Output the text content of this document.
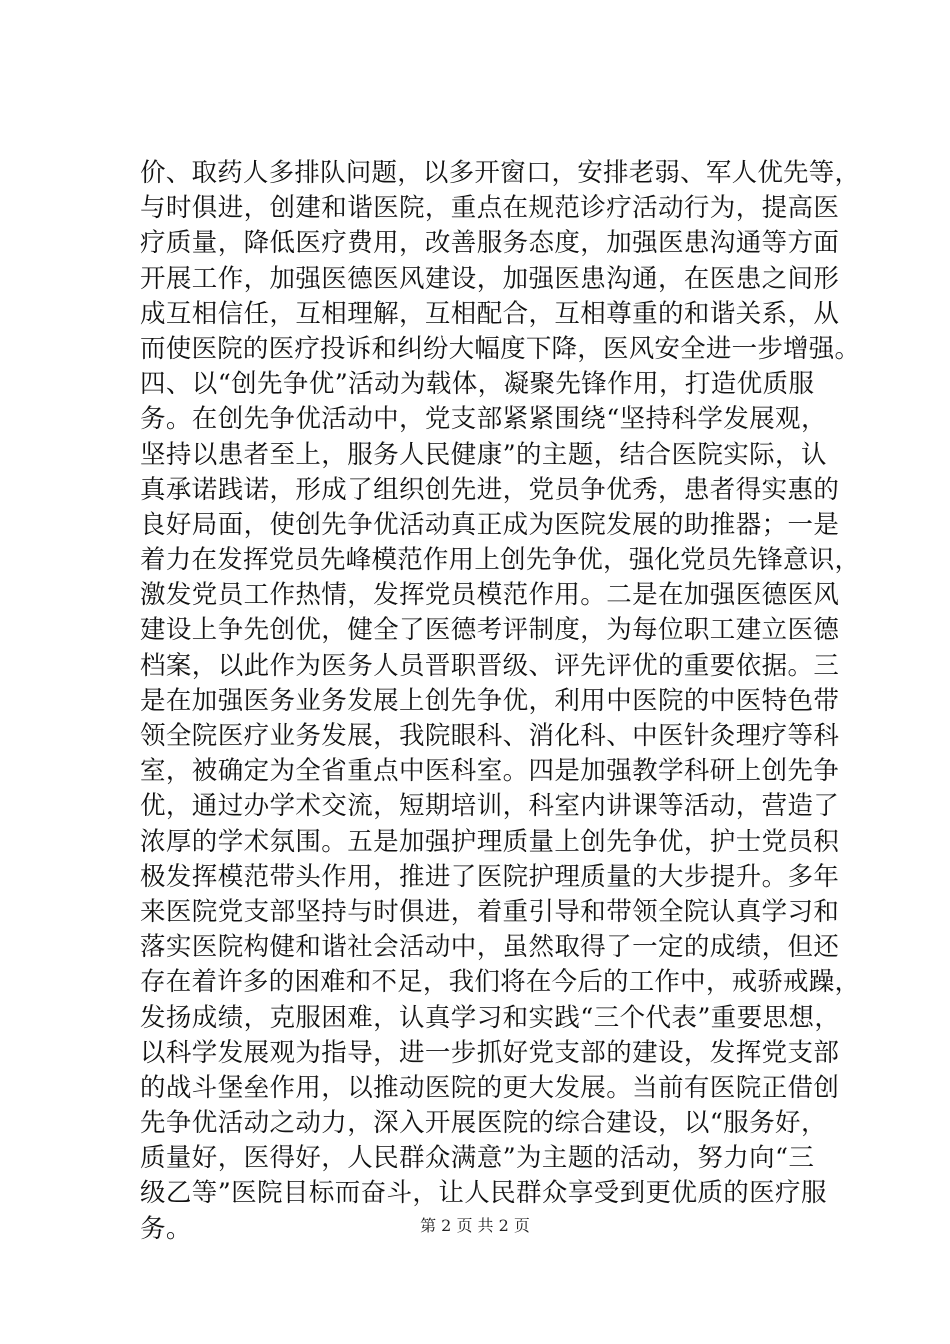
价、取药人多排队问题，以多开窗口，安排老弱、军人优先等，
与时俱进，创建和谐医院，重点在规范诊疗活动行为，提高医
疗质量，降低医疗费用，改善服务态度，加强医患沟通等方面
开展工作，加强医德医风建设，加强医患沟通，在医患之间形
成互相信任，互相理解，互相配合，互相尊重的和谐关系，从
而使医院的医疗投诉和纠纷大幅度下降，医风安全进一步增强。
四、以“创先争优”活动为载体，凝聚先锋作用，打造优质服
务。在创先争优活动中，党支部紧紧围绕“坚持科学发展观，
坚持以患者至上，服务人民健康”的主题，结合医院实际，认
真承诺践诺，形成了组织创先进，党员争优秀，患者得实惠的
良好局面，使创先争优活动真正成为医院发展的助推器；一是
着力在发挥党员先峰模范作用上创先争优，强化党员先锋意识，
激发党员工作热情，发挥党员模范作用。二是在加强医德医风
建设上争先创优，健全了医德考评制度，为每位职工建立医德
档案，以此作为医务人员晋职晋级、评先评优的重要依据。三
是在加强医务业务发展上创先争优，利用中医院的中医特色带
领全院医疗业务发展，我院眼科、消化科、中医针灸理疗等科
室，被确定为全省重点中医科室。四是加强教学科研上创先争
优，通过办学术交流，短期培训，科室内讲课等活动，营造了
浓厚的学术氛围。五是加强护理质量上创先争优，护士党员积
极发挥模范带头作用，推进了医院护理质量的大步提升。多年
来医院党支部坚持与时俱进，着重引导和带领全院认真学习和
落实医院构健和谐社会活动中，虽然取得了一定的成绩，但还
存在着许多的困难和不足，我们将在今后的工作中，戒骄戒躁，
发扬成绩，克服困难，认真学习和实践“三个代表”重要思想，
以科学发展观为指导，进一步抓好党支部的建设，发挥党支部
的战斗堡垒作用，以推动医院的更大发展。当前有医院正借创
先争优活动之动力，深入开展医院的综合建设，以“服务好，
质量好，医得好，人民群众满意”为主题的活动，努力向“三
级乙等”医院目标而奋斗，让人民群众享受到更优质的医疗服
务。	第 2 页 共 2 页
